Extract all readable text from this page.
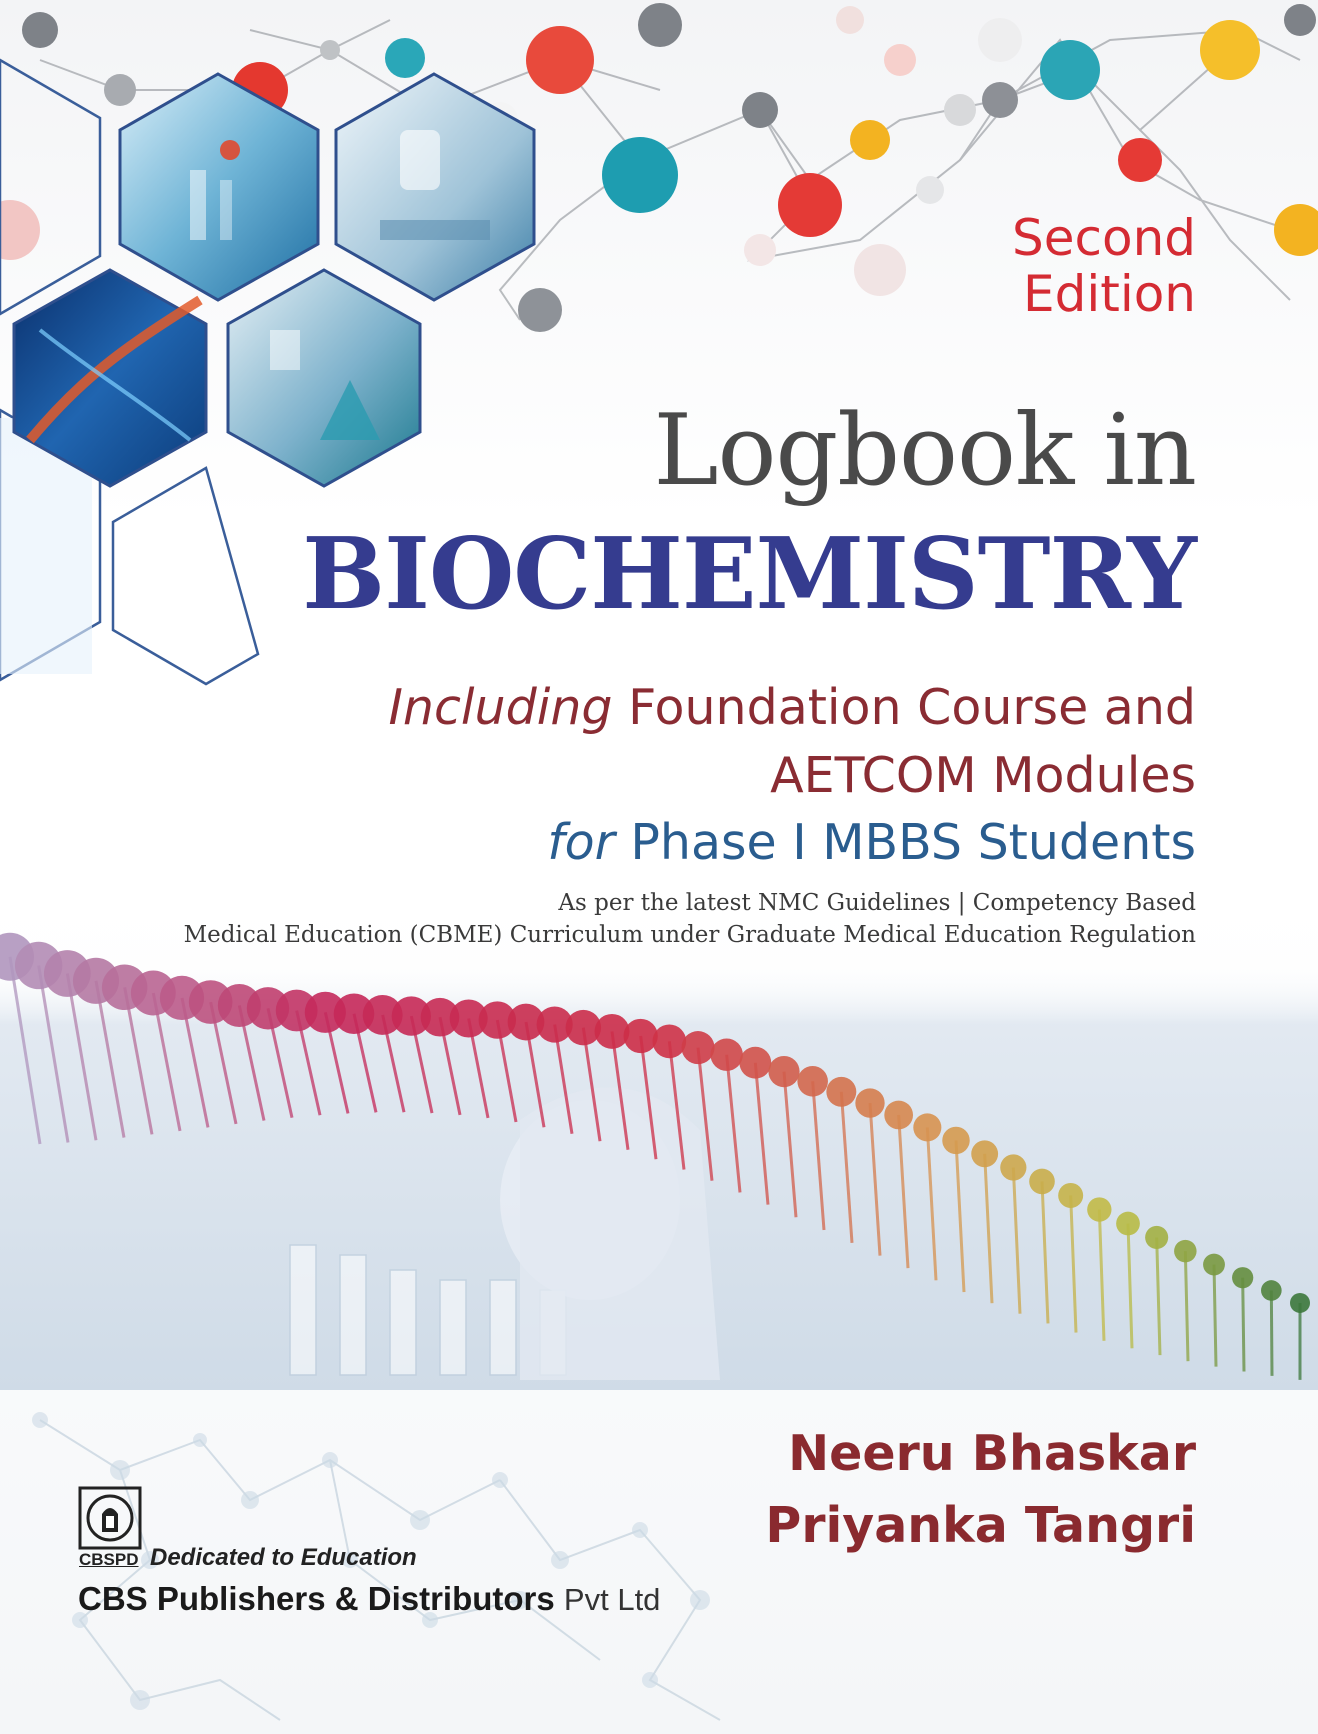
Second
Edition
Logbook in
BIOCHEMISTRY
Including Foundation Course and
AETCOM Modules
for Phase I MBBS Students
As per the latest NMC Guidelines | Competency Based
Medical Education (CBME) Curriculum under Graduate Medical Education Regulation
Neeru Bhaskar
Priyanka Tangri
CBSPD Dedicated to Education
CBS Publishers & Distributors Pvt Ltd
